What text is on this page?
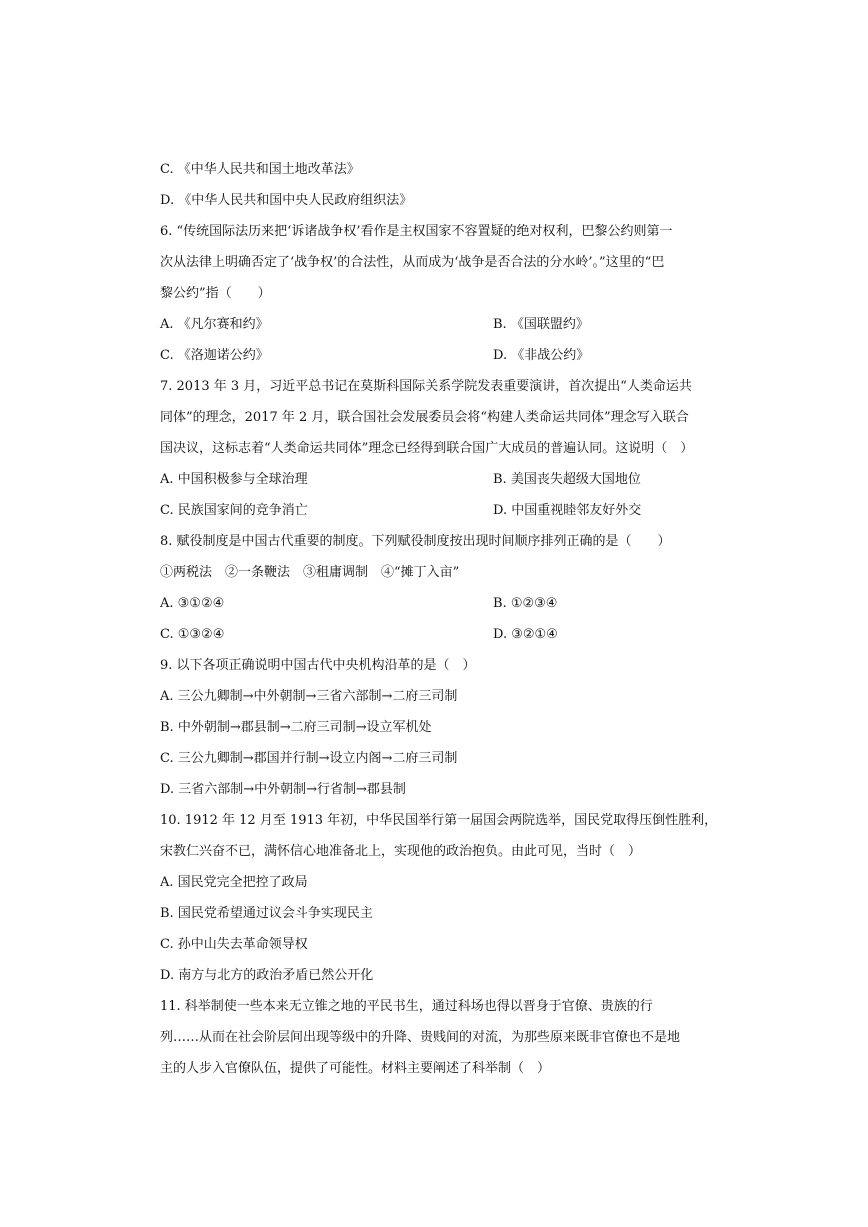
C. 《中华人民共和国土地改革法》
D. 《中华人民共和国中央人民政府组织法》
6. “传统国际法历来把‘诉诸战争权’看作是主权国家不容置疑的绝对权利，巴黎公约则第一
次从法律上明确否定了‘战争权’的合法性，从而成为‘战争是否合法的分水岭’。”这里的“巴
黎公约”指（　　）
A. 《凡尔赛和约》	B. 《国联盟约》
C. 《洛迦诺公约》	D. 《非战公约》
7. 2013 年 3 月，习近平总书记在莫斯科国际关系学院发表重要演讲，首次提出“人类命运共
同体”的理念，2017 年 2 月，联合国社会发展委员会将“构建人类命运共同体”理念写入联合
国决议，这标志着“人类命运共同体”理念已经得到联合国广大成员的普遍认同。这说明（　）
A. 中国积极参与全球治理	B. 美国丧失超级大国地位
C. 民族国家间的竞争消亡	D. 中国重视睦邻友好外交
8. 赋役制度是中国古代重要的制度。下列赋役制度按出现时间顺序排列正确的是（　　）
①两税法　②一条鞭法　③租庸调制　④“摊丁入亩”
A. ③①②④	B. ①②③④
C. ①③②④	D. ③②①④
9. 以下各项正确说明中国古代中央机构沿革的是（　）
A. 三公九卿制→中外朝制→三省六部制→二府三司制
B. 中外朝制→郡县制→二府三司制→设立军机处
C. 三公九卿制→郡国并行制→设立内阁→二府三司制
D. 三省六部制→中外朝制→行省制→郡县制
10. 1912 年 12 月至 1913 年初，中华民国举行第一届国会两院选举，国民党取得压倒性胜利，
宋教仁兴奋不已，满怀信心地准备北上，实现他的政治抱负。由此可见，当时（　）
A. 国民党完全把控了政局
B. 国民党希望通过议会斗争实现民主
C. 孙中山失去革命领导权
D. 南方与北方的政治矛盾已然公开化
11. 科举制使一些本来无立锥之地的平民书生，通过科场也得以晋身于官僚、贵族的行
列……从而在社会阶层间出现等级中的升降、贵贱间的对流，为那些原来既非官僚也不是地
主的人步入官僚队伍，提供了可能性。材料主要阐述了科举制（　）
